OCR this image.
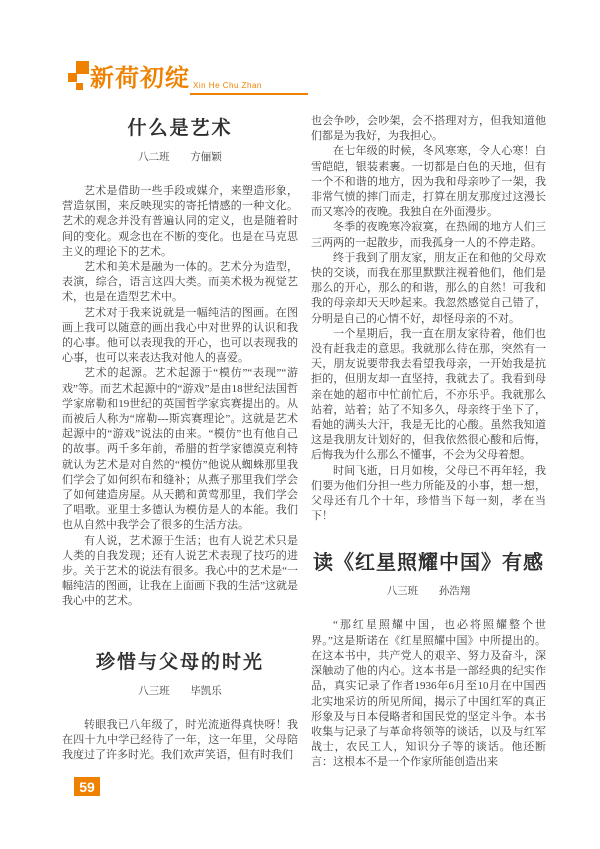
新荷初绽 Xin He Chu Zhan
什么是艺术

八二班 方俪颖

艺术是借助一些手段或媒介，来塑造形象，营造氛围，来反映现实的寄托情感的一种文化。艺术的观念并没有普遍认同的定义，也是随着时间的变化。观念也在不断的变化。也是在马克思主义的理论下的艺术。

艺术和美术是融为一体的。艺术分为造型，表演，综合，语言这四大类。而美术极为视觉艺术，也是在造型艺术中。

艺术对于我来说就是一幅纯洁的图画。在图画上我可以随意的画出我心中对世界的认识和我的心事。他可以表现我的开心，也可以表现我的心事，也可以来表达我对他人的喜爱。

艺术的起源。艺术起源于“模仿”“表现”“游戏”等。而艺术起源中的“游戏”是由18世纪法国哲学家席勒和19世纪的英国哲学家宾赛提出的。从而被后人称为“席勒---斯宾赛理论”。这就是艺术起源中的“游戏”说法的由来。“模仿”也有他自己的故事。两千多年前，希腊的哲学家德漠克利特就认为艺术是对自然的“模仿”他说从蜘蛛那里我们学会了如何织布和缝补；从燕子那里我们学会了如何建造房屋。从天鹅和黄莺那里，我们学会了唱歌。亚里士多德认为模仿是人的本能。我们也从自然中我学会了很多的生活方法。

有人说，艺术源于生活；也有人说艺术只是人类的自我发现；还有人说艺术表现了技巧的进步。关于艺术的说法有很多。我心中的艺术是“一幅纯洁的图画，让我在上面画下我的生活”这就是我心中的艺术。

珍惜与父母的时光

八三班 毕凯乐

转眼我已八年级了，时光流逝得真快呀！我在四十九中学已经待了一年，这一年里，父母陪我度过了许多时光。我们欢声笑语，但有时我们

也会争吵，会吵架，会不搭理对方，但我知道他们都是为我好，为我担心。

在七年级的时候，冬风寒寒，令人心寒！白雪皑皑，银装素裹。一切都是白色的天地，但有一个不和谐的地方，因为我和母亲吵了一架，我非常气愤的摔门而走，打算在朋友那度过这漫长而又寒冷的夜晚。我独自在外面漫步。

冬季的夜晚寒冷寂寞，在热闹的地方人们三三两两的一起散步，而我孤身一人的不停走路。

终于我到了朋友家，朋友正在和他的父母欢快的交谈，而我在那里默默注视着他们，他们是那么的开心，那么的和谐，那么的自然！可我和我的母亲却天天吵起来。我忽然感觉自己错了，分明是自己的心情不好，却怪母亲的不对。

一个星期后，我一直在朋友家待着，他们也没有赶我走的意思。我就那么待在那，突然有一天，朋友说要带我去看望我母亲，一开始我是抗拒的，但朋友却一直坚持，我就去了。我看到母亲在她的超市中忙前忙后，不亦乐乎。我就那么站着，站着；站了不知多久，母亲终于坐下了，看她的满头大汗，我是无比的心酸。虽然我知道这是我朋友计划好的，但我依然很心酸和后悔，后悔我为什么那么不懂事，不会为父母着想。

时间飞逝，日月如梭，父母已不再年轻，我们要为他们分担一些力所能及的小事，想一想，父母还有几个十年，珍惜当下每一刻，孝在当下！

读《红星照耀中国》有感

八三班 孙浩翔

“那红星照耀中国，也必将照耀整个世界。”这是斯诺在《红星照耀中国》中所提出的。在这本书中，共产党人的艰辛、努力及奋斗，深深触动了他的内心。这本书是一部经典的纪实作品，真实记录了作者1936年6月至10月在中国西北实地采访的所见所闻，揭示了中国红军的真正形象及与日本侵略者和国民党的坚定斗争。本书收集与记录了与革命将领等的谈话，以及与红军战士，农民工人，知识分子等的谈话。他还断言：这根本不是一个作家所能创造出来

59
